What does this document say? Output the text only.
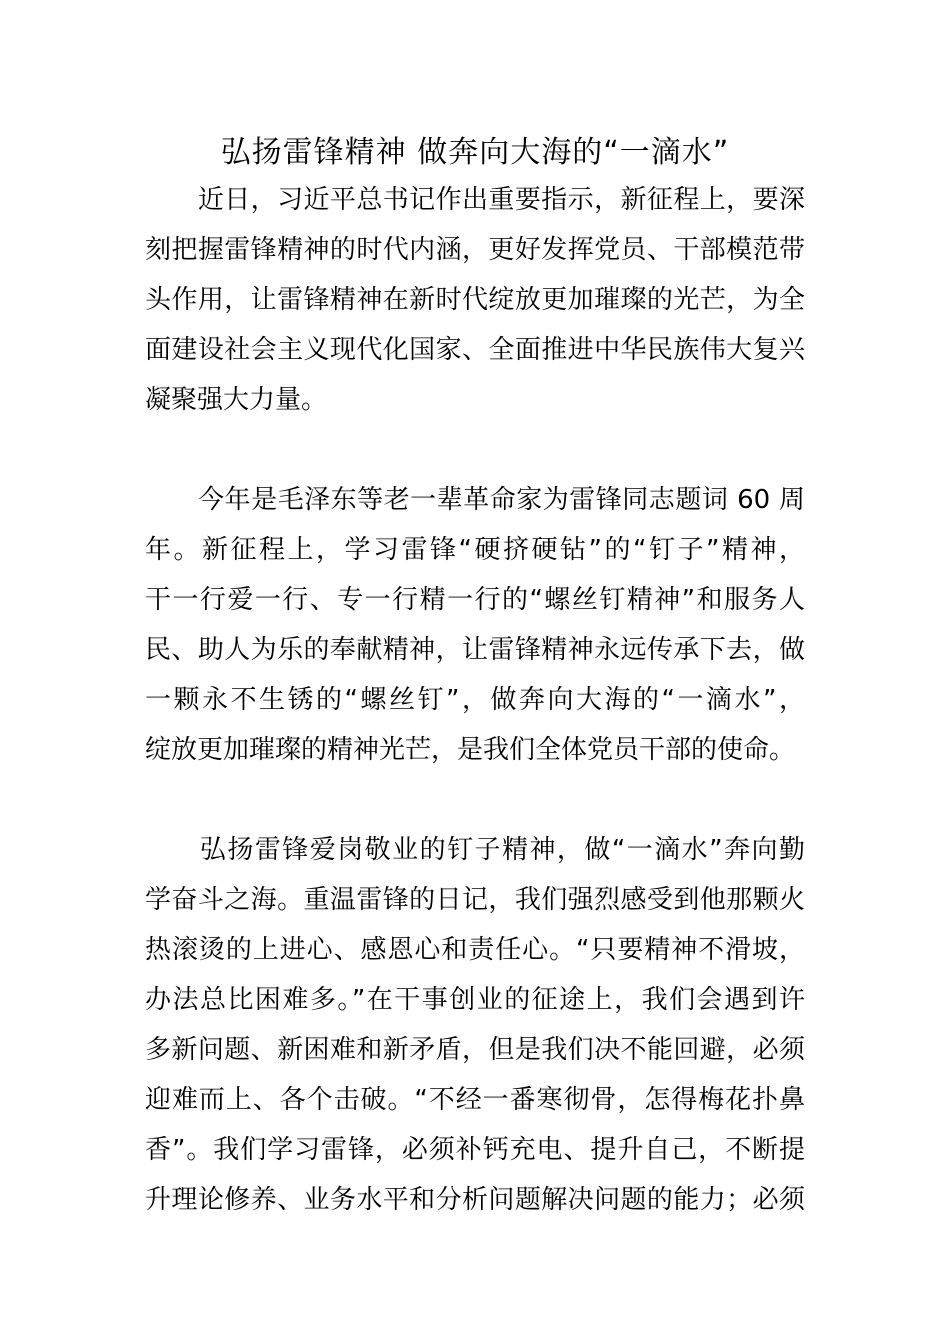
弘扬雷锋精神 做奔向大海的“一滴水”

　　近日，习近平总书记作出重要指示，新征程上，要深

刻把握雷锋精神的时代内涵，更好发挥党员、干部模范带

头作用，让雷锋精神在新时代绽放更加璀璨的光芒，为全

面建设社会主义现代化国家、全面推进中华民族伟大复兴

凝聚强大力量。

　　今年是毛泽东等老一辈革命家为雷锋同志题词 60 周

年。新征程上，学习雷锋“硬挤硬钻”的“钉子”精神，

干一行爱一行、专一行精一行的“螺丝钉精神”和服务人

民、助人为乐的奉献精神，让雷锋精神永远传承下去，做

一颗永不生锈的“螺丝钉”，做奔向大海的“一滴水”，

绽放更加璀璨的精神光芒，是我们全体党员干部的使命。

　　弘扬雷锋爱岗敬业的钉子精神，做“一滴水”奔向勤

学奋斗之海。重温雷锋的日记，我们强烈感受到他那颗火

热滚烫的上进心、感恩心和责任心。“只要精神不滑坡，

办法总比困难多。”在干事创业的征途上，我们会遇到许

多新问题、新困难和新矛盾，但是我们决不能回避，必须

迎难而上、各个击破。“不经一番寒彻骨，怎得梅花扑鼻

香”。我们学习雷锋，必须补钙充电、提升自己，不断提

升理论修养、业务水平和分析问题解决问题的能力；必须
